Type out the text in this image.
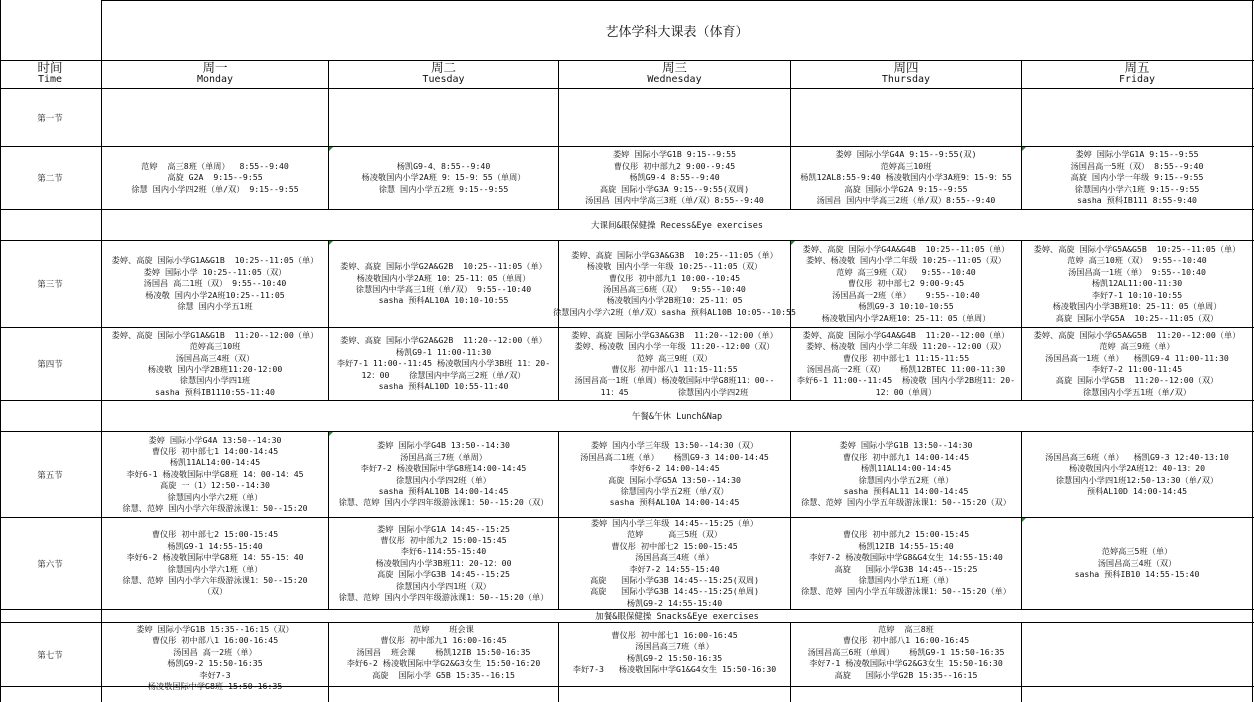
艺体学科大课表（体育）
时间
Time
周一
Monday
周二
Tuesday
周三
Wednesday
周四
Thursday
周五
Friday
第一节
第二节
第三节
第四节
第五节
第六节
第七节
大课间&眼保健操 Recess&Eye exercises
午餐&午休 Lunch&Nap
加餐&眼保健操 Snacks&Eye exercises
范婷  高三8班（单周）  8:55--9:40
高旋 G2A  9:15--9:55
徐慧 国内小学四2班（单/双） 9:15--9:55
杨凯G9-4、8:55--9:40
杨凌敬国内小学2A班 9：15-9：55（单周）
徐慧 国内小学五2班 9:15--9:55
娄婷 国际小学G1B 9:15--9:55
曹仪彤 初中部九2 9:00--9:45
杨凯G9-4 8:55--9:40
高旋 国际小学G3A 9:15--9:55(双周)
汤国昌 国内中学高三3班（单/双）8:55--9:40
娄婷 国际小学G4A 9:15--9:55(双)
范婷高三10班
杨凯12AL8:55-9:40 杨凌敬国内小学3A班9：15-9：55
高旋 国际小学G2A 9:15--9:55
汤国昌 国内中学高三2班（单/双）8:55--9:40
娄婷 国际小学G1A 9:15--9:55
汤国昌高一5班（双） 8:55--9:40
高旋 国内小学一年级 9:15--9:55
徐慧国内小学六1班 9:15--9:55
sasha 预科IB111 8:55-9:40
娄婷、高旋 国际小学G1A&G1B  10:25--11:05（单）
娄婷 国际小学 10:25--11:05（双）
汤国昌 高二1班（双） 9:55--10:40
杨凌敬 国内小学2A班10:25--11:05
徐慧 国内小学五1班
娄婷、高旋 国际小学G2A&G2B  10:25--11:05（单）
杨凌敬国内小学2A班 10：25-11：05（单周）
徐慧国内中学高三1班（单/双） 9:55--10:40
sasha 预科AL10A 10:10-10:55
娄婷、高旋 国际小学G3A&G3B  10:25--11:05（单）
杨凌敬 国内小学一年级 10:25--11:05（双）
曹仪彤 初中部九1 10:00--10:45
汤国昌高三6班（双）  9:55--10:40
杨凌敬国内小学2B班10：25-11：05
徐慧国内小学六2班（单/双）sasha 预科AL10B 10:05--10:55
娄婷、高旋 国际小学G4A&G4B  10:25--11:05（单）
娄婷、杨凌敬 国内小学二年级 10:25--11:05（双）
范婷 高三9班（双）  9:55--10:40
曹仪彤 初中部七2 9:00-9:45
汤国昌高一2班（单）   9:55--10:40
杨凯G9-3 10:10-10:55
杨凌敬国内小学2A班10：25-11：05（单周）
娄婷、高旋 国际小学G5A&G5B  10:25--11:05（单）
范婷 高三10班（双） 9:55--10:40
汤国昌高一1班（单） 9:55--10:40
杨凯12AL11:00-11:30
李好7-1 10:10-10:55
杨凌敬国内小学3B班10：25-11：05（单周）
高旋 国际小学G5A  10:25--11:05（双）
娄婷、高旋 国际小学G1A&G1B  11:20--12:00（单）
范婷高三10班
汤国昌高三4班（双）
杨凌敬 国内小学2B班11:20-12:00
徐慧国内小学四1班
sasha 预科IB1110:55-11:40
娄婷、高旋 国际小学G2A&G2B  11:20--12:00（单）
杨凯G9-1 11:00-11:30
李好7-1 11:00--11:45 杨凌敬国内小学3B班 11：20-
12：00    徐慧国内中学高三2班（单/双）
sasha 预科AL10D 10:55-11:40
娄婷、高旋 国际小学G3A&G3B  11:20--12:00（单）
娄婷、杨凌敬 国内小学一年级 11:20--12:00（双）
范婷 高三9班（双）
曹仪彤 初中部八1 11:15-11:55
汤国昌高一1班（单周）杨凌敬国际中学G8班11：00--
11：45          徐慧国内小学四2班
娄婷、高旋 国际小学G4A&G4B  11:20--12:00（单）
娄婷、杨凌敬 国内小学二年级 11:20--12:00（双）
曹仪彤 初中部七1 11:15-11:55
汤国昌高一2班（双）   杨凯12BTEC 11:00-11:30
李好6-1 11:00--11:45  杨凌敬 国内小学2B班11：20-
12：00（单周）
娄婷、高旋 国际小学G5A&G5B  11:20--12:00（单）
范婷 高三9班（单）
汤国昌高一1班（单）  杨凯G9-4 11:00-11:30
李好7-2 11:00-11:45
高旋 国际小学G5B  11:20--12:00（双）
徐慧国内小学五1班（单/双）
娄婷 国际小学G4A 13:50--14:30
曹仪彤 初中部七1 14:00-14:45
杨凯11AL14:00-14:45
李好6-1 杨凌敬国际中学G8班 14：00-14：45
高旋 一（1）12:50--14:30
徐慧国内小学六2班（单）
徐慧、范婷 国内小学六年级游泳课1：50--15:20
娄婷 国际小学G4B 13:50--14:30
汤国昌高三7班（单周）
李好7-2 杨凌敬国际中学G8班14:00-14:45
徐慧国内小学四2班（单）
sasha 预科AL10B 14:00-14:45
徐慧、范婷 国内小学四年级游泳课1：50--15:20（双）
娄婷 国内小学三年级 13:50--14:30（双）
汤国昌高二1班（单）   杨凯G9-3 14:00-14:45
李好6-2 14:00-14:45
高旋 国际小学G5A 13:50--14:30
徐慧国内小学五2班（单/双）
sasha 预科AL10A 14:00-14:45
娄婷 国际小学G1B 13:50--14:30
曹仪彤 初中部九1 14:00-14:45
杨凯11AL14:00-14:45
徐慧国内小学五2班（单）
sasha 预科AL11 14:00-14:45
徐慧、范婷 国内小学五年级游泳课1：50--15:20（双）
汤国昌高三6班（单）  杨凯G9-3 12:40-13:10
杨凌敬国内小学2A班12：40-13：20
徐慧国内小学四1班12:50-13:30（单/双）
预科AL10D 14:00-14:45
曹仪彤 初中部七2 15:00-15:45
杨凯G9-1 14:55-15:40
李好6-2 杨凌敬国际中学G8班 14：55-15：40
徐慧国内小学六1班（单）
徐慧、范婷 国内小学六年级游泳课1：50--15:20
（双）
娄婷 国际小学G1A 14:45--15:25
曹仪彤 初中部九2 15:00-15:45
李好6-114:55-15:40
杨凌敬国内小学3B班11：20-12：00
高旋 国际小学G3B 14:45--15:25
徐慧国内小学四1班（双）
徐慧、范婷 国内小学四年级游泳课1：50--15:20（单）
娄婷 国内小学三年级 14:45--15:25（单）
范婷     高三5班（双）
曹仪彤 初中部七2 15:00-15:45
汤国昌高三4班（单）
李好7-2 14:55-15:40
高旋   国际小学G3B 14:45--15:25(双周)
高旋   国际小学G3B 14:45--15:25(单周)
杨凯G9-2 14:55-15:40
曹仪彤 初中部九2 15:00-15:45
杨凯12IB 14:55-15:40
李好7-2 杨凌敬国际中学G8&G4女生 14:55-15:40
高旋   国际小学G3B 14:45--15:25
徐慧国内小学五1班（单）
徐慧、范婷 国内小学五年级游泳课1：50--15:20（单）
范婷高三5班（单）
汤国昌高三4班（双）
sasha 预科IB10 14:55-15:40
娄婷 国际小学G1B 15:35--16:15（双）
曹仪彤 初中部八1 16:00-16:45
汤国昌 高一2班（单）
杨凯G9-2 15:50-16:35
李好7-3
杨凌敬国际中学G8班 15:50-16:35
范婷    班会课
曹仪彤 初中部九1 16:00-16:45
汤国昌  班会课    杨凯12IB 15:50-16:35
李好6-2 杨凌敬国际中学G2&G3女生 15:50-16:20
高旋  国际小学 G5B 15:35--16:15
曹仪彤 初中部七1 16:00-16:45
汤国昌高三7班（单）
杨凯G9-2 15:50-16:35
李好7-3   杨凌敬国际中学G1&G4女生 15:50-16:30
范婷  高三8班
曹仪彤 初中部八1 16:00-16:45
汤国昌高三6班（单周）   杨凯G9-1 15:50-16:35
李好7-1 杨凌敬国际中学G2&G3女生 15:50-16:30
高旋   国际小学G2B 15:35--16:15
